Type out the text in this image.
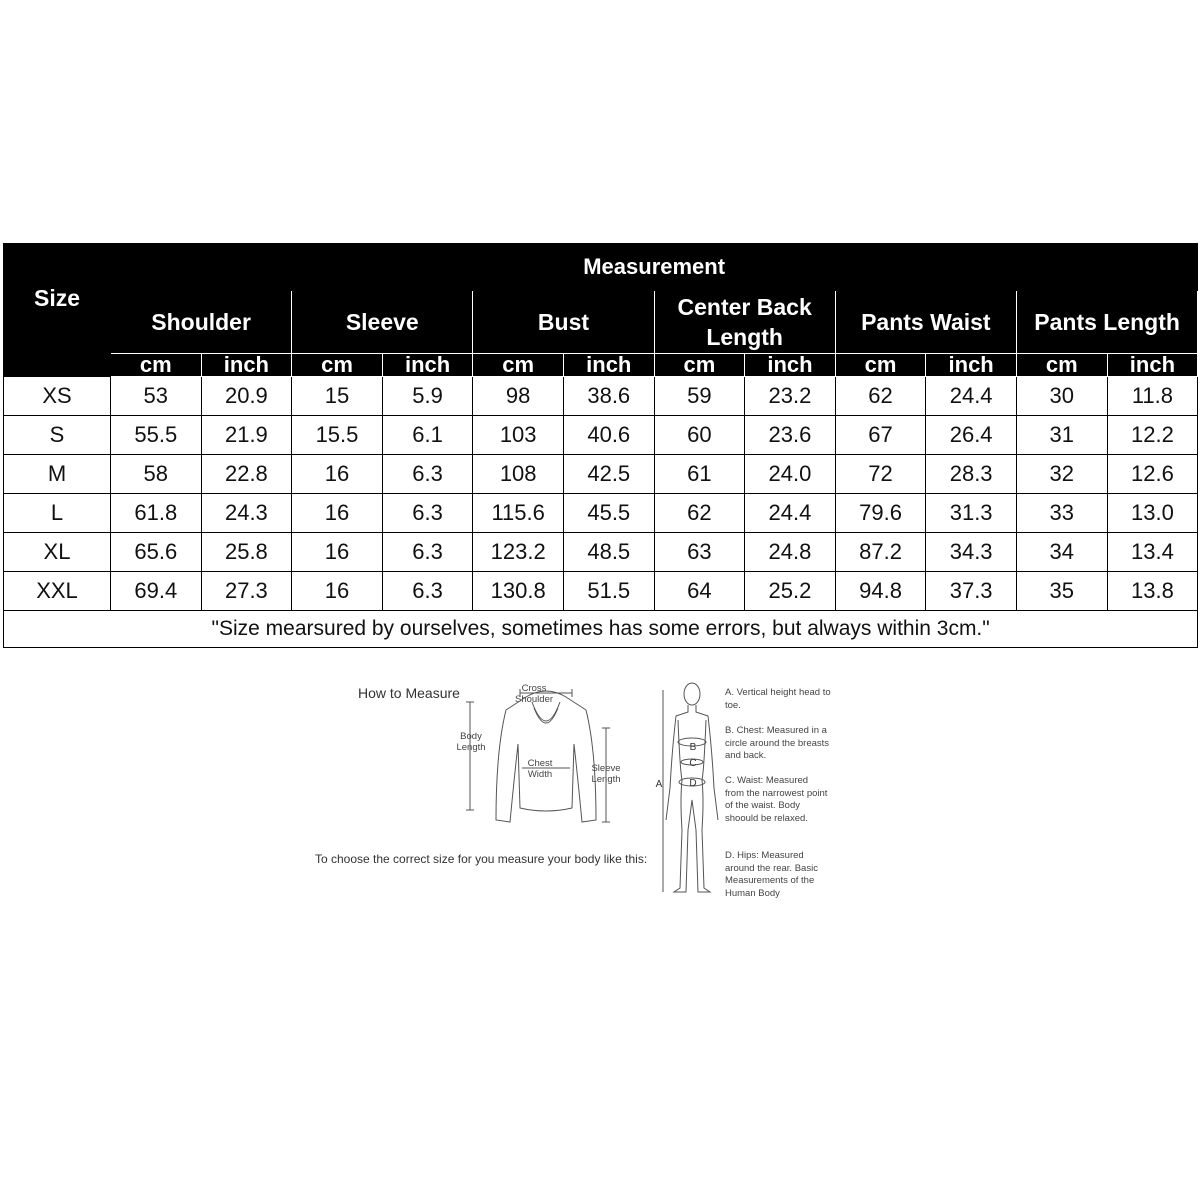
Size	Measurement											
	Shoulder		Sleeve		Bust		Center Back Length		Pants Waist		Pants Length	
	cm	inch	cm	inch	cm	inch	cm	inch	cm	inch	cm	inch
XS	53	20.9	15	5.9	98	38.6	59	23.2	62	24.4	30	11.8
S	55.5	21.9	15.5	6.1	103	40.6	60	23.6	67	26.4	31	12.2
M	58	22.8	16	6.3	108	42.5	61	24.0	72	28.3	32	12.6
L	61.8	24.3	16	6.3	115.6	45.5	62	24.4	79.6	31.3	33	13.0
XL	65.6	25.8	16	6.3	123.2	48.5	63	24.8	87.2	34.3	34	13.4
XXL	69.4	27.3	16	6.3	130.8	51.5	64	25.2	94.8	37.3	35	13.8
"Size mearsured by ourselves, sometimes has some errors, but always within 3cm."												
How to Measure	Cross Shoulder
Body Length
Chest Width
Sleeve Length
To choose the correct size for you measure your body like this:
A
B
C
D
A. Vertical height head to toe.
B. Chest: Measured in a circle around the breasts and back.
C. Waist: Measured from the narrowest point of the waist. Body shoould be relaxed.
D. Hips: Measured around the rear. Basic Measurements of the Human Body
